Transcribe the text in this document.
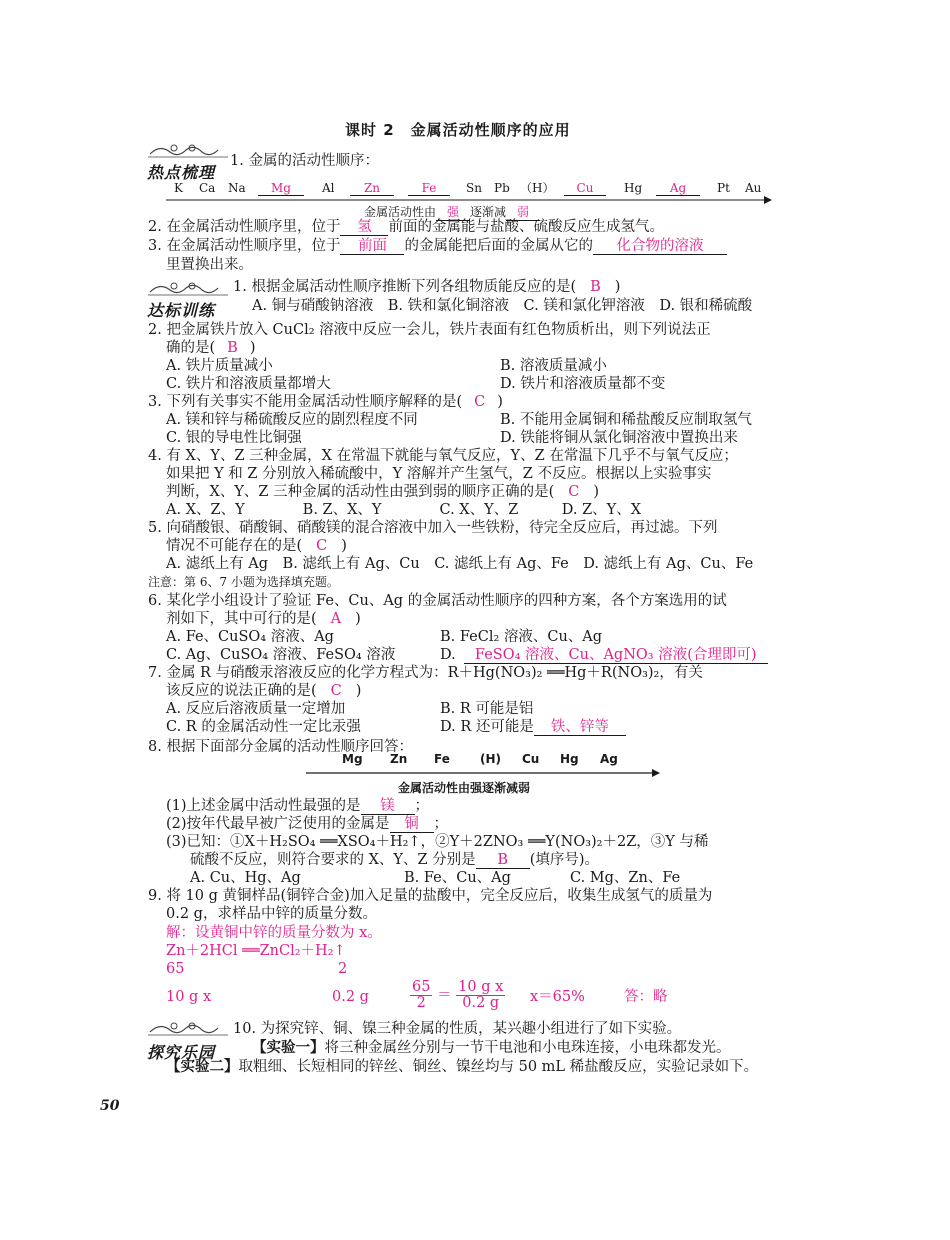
课时 2　金属活动性顺序的应用
热点梳理
1. 金属的活动性顺序：
K Ca Na	Mg	Al	Zn	Fe	Sn Pb （H）	Cu	Hg	Ag	Pt Au
金属活动性由 强 逐渐减 弱
2. 在金属活动性顺序里，位于 氢 前面的金属能与盐酸、硫酸反应生成氢气。
3. 在金属活动性顺序里，位于 前面 的金属能把后面的金属从它的 化合物的溶液
里置换出来。
达标训练
1. 根据金属活动性顺序推断下列各组物质能反应的是( B )
A. 铜与硝酸钠溶液　B. 铁和氯化铜溶液　C. 镁和氯化钾溶液　D. 银和稀硫酸
2. 把金属铁片放入 CuCl₂ 溶液中反应一会儿，铁片表面有红色物质析出，则下列说法正
确的是( B )
A. 铁片质量减小	B. 溶液质量减小
C. 铁片和溶液质量都增大	D. 铁片和溶液质量都不变
3. 下列有关事实不能用金属活动性顺序解释的是( C )
A. 镁和锌与稀硫酸反应的剧烈程度不同	B. 不能用金属铜和稀盐酸反应制取氢气
C. 银的导电性比铜强	D. 铁能将铜从氯化铜溶液中置换出来
4. 有 X、Y、Z 三种金属，X 在常温下就能与氧气反应，Y、Z 在常温下几乎不与氧气反应；
如果把 Y 和 Z 分别放入稀硫酸中，Y 溶解并产生氢气，Z 不反应。根据以上实验事实
判断，X、Y、Z 三种金属的活动性由强到弱的顺序正确的是( C )
A. X、Z、Y　　　　B. Z、X、Y　　　　C. X、Y、Z　　　D. Z、Y、X
5. 向硝酸银、硝酸铜、硝酸镁的混合溶液中加入一些铁粉，待完全反应后，再过滤。下列
情况不可能存在的是( C )
A. 滤纸上有 Ag　B. 滤纸上有 Ag、Cu　C. 滤纸上有 Ag、Fe　D. 滤纸上有 Ag、Cu、Fe
注意：第 6、7 小题为选择填充题。
6. 某化学小组设计了验证 Fe、Cu、Ag 的金属活动性顺序的四种方案，各个方案选用的试
剂如下，其中可行的是( A )
A. Fe、CuSO₄ 溶液、Ag	B. FeCl₂ 溶液、Cu、Ag
C. Ag、CuSO₄ 溶液、FeSO₄ 溶液	D. FeSO₄ 溶液、Cu、AgNO₃ 溶液(合理即可)
7. 金属 R 与硝酸汞溶液反应的化学方程式为：R＋Hg(NO₃)₂ ══Hg＋R(NO₃)₂，有关
该反应的说法正确的是( C )
A. 反应后溶液质量一定增加	B. R 可能是铝
C. R 的金属活动性一定比汞强	D. R 还可能是 铁、锌等
8. 根据下面部分金属的活动性顺序回答：
Mg Zn Fe	(H) Cu Hg Ag
金属活动性由强逐渐减弱
(1)上述金属中活动性最强的是 镁 ；
(2)按年代最早被广泛使用的金属是 铜 ；
(3)已知：①X＋H₂SO₄ ══XSO₄＋H₂↑，②Y＋2ZNO₃ ══Y(NO₃)₂＋2Z，③Y 与稀
硫酸不反应，则符合要求的 X、Y、Z 分别是 B (填序号)。
A. Cu、Hg、Ag	B. Fe、Cu、Ag	C. Mg、Zn、Fe
9. 将 10 g 黄铜样品(铜锌合金)加入足量的盐酸中，完全反应后，收集生成氢气的质量为
0.2 g，求样品中锌的质量分数。
解：设黄铜中锌的质量分数为 x。
Zn＋2HCl ══ZnCl₂＋H₂↑
65	2
10 g x	0.2 g	$\frac{65}{2} = \frac{\text{10 g x}}{0.2 g} x=65\%$	答：略
探究乐园
10. 为探究锌、铜、镍三种金属的性质，某兴趣小组进行了如下实验。
【实验一】将三种金属丝分别与一节干电池和小电珠连接，小电珠都发光。
【实验二】取粗细、长短相同的锌丝、铜丝、镍丝均与 50 mL 稀盐酸反应，实验记录如下。
50
